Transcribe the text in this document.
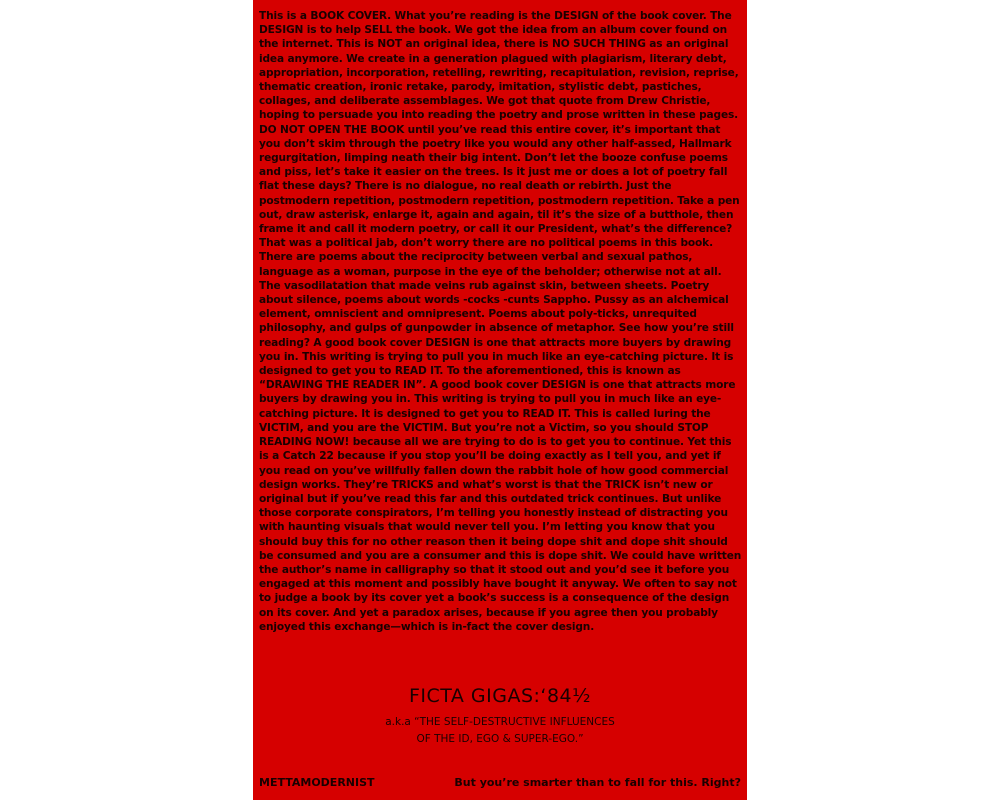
This is a BOOK COVER. What you’re reading is the DESIGN of the book cover. The DESIGN is to help SELL the book. We got the idea from an album cover found on the internet. This is NOT an original idea, there is NO SUCH THING as an original idea anymore. We create in a generation plagued with plagiarism, literary debt, appropriation, incorporation, retelling, rewriting, recapitulation, revision, reprise, thematic creation, ironic retake, parody, imitation, stylistic debt, pastiches, collages, and deliberate assemblages. We got that quote from Drew Christie, hoping to persuade you into reading the poetry and prose written in these pages. DO NOT OPEN THE BOOK until you’ve read this entire cover, it’s important that you don’t skim through the poetry like you would any other half-assed, Hallmark regurgitation, limping neath their big intent. Don’t let the booze confuse poems and piss, let’s take it easier on the trees. Is it just me or does a lot of poetry fall flat these days? There is no dialogue, no real death or rebirth. Just the postmodern repetition, postmodern repetition, postmodern repetition. Take a pen out, draw asterisk, enlarge it, again and again, til it’s the size of a butthole, then frame it and call it modern poetry, or call it our President, what’s the difference? That was a political jab, don’t worry there are no political poems in this book. There are poems about the reciprocity between verbal and sexual pathos, language as a woman, purpose in the eye of the beholder; otherwise not at all. The vasodilatation that made veins rub against skin, between sheets. Poetry about silence, poems about words -cocks -cunts Sappho. Pussy as an alchemical element, omniscient and omnipresent. Poems about poly-ticks, unrequited philosophy, and gulps of gunpowder in absence of metaphor. See how you’re still reading? A good book cover DESIGN is one that attracts more buyers by drawing you in. This writing is trying to pull you in much like an eye-catching picture. It is designed to get you to READ IT. To the aforementioned, this is known as “DRAWING THE READER IN”. A good book cover DESIGN is one that attracts more buyers by drawing you in. This writing is trying to pull you in much like an eye-catching picture. It is designed to get you to READ IT. This is called luring the VICTIM, and you are the VICTIM. But you’re not a Victim, so you should STOP READING NOW! because all we are trying to do is to get you to continue. Yet this is a Catch 22 because if you stop you’ll be doing exactly as I tell you, and yet if you read on you’ve willfully fallen down the rabbit hole of how good commercial design works. They’re TRICKS and what’s worst is that the TRICK isn’t new or original but if you’ve read this far and this outdated trick continues. But unlike those corporate conspirators, I’m telling you honestly instead of distracting you with haunting visuals that would never tell you. I’m letting you know that you should buy this for no other reason then it being dope shit and dope shit should be consumed and you are a consumer and this is dope shit. We could have written the author’s name in calligraphy so that it stood out and you’d see it before you engaged at this moment and possibly have bought it anyway. We often to say not to judge a book by its cover yet a book’s success is a consequence of the design on its cover. And yet a paradox arises, because if you agree then you probably enjoyed this exchange—which is in-fact the cover design.

FICTA GIGAS:‘84½
a.k.a “THE SELF-DESTRUCTIVE INFLUENCES
OF THE ID, EGO & SUPER-EGO.”
METTAMODERNIST	But you’re smarter than to fall for this. Right?
